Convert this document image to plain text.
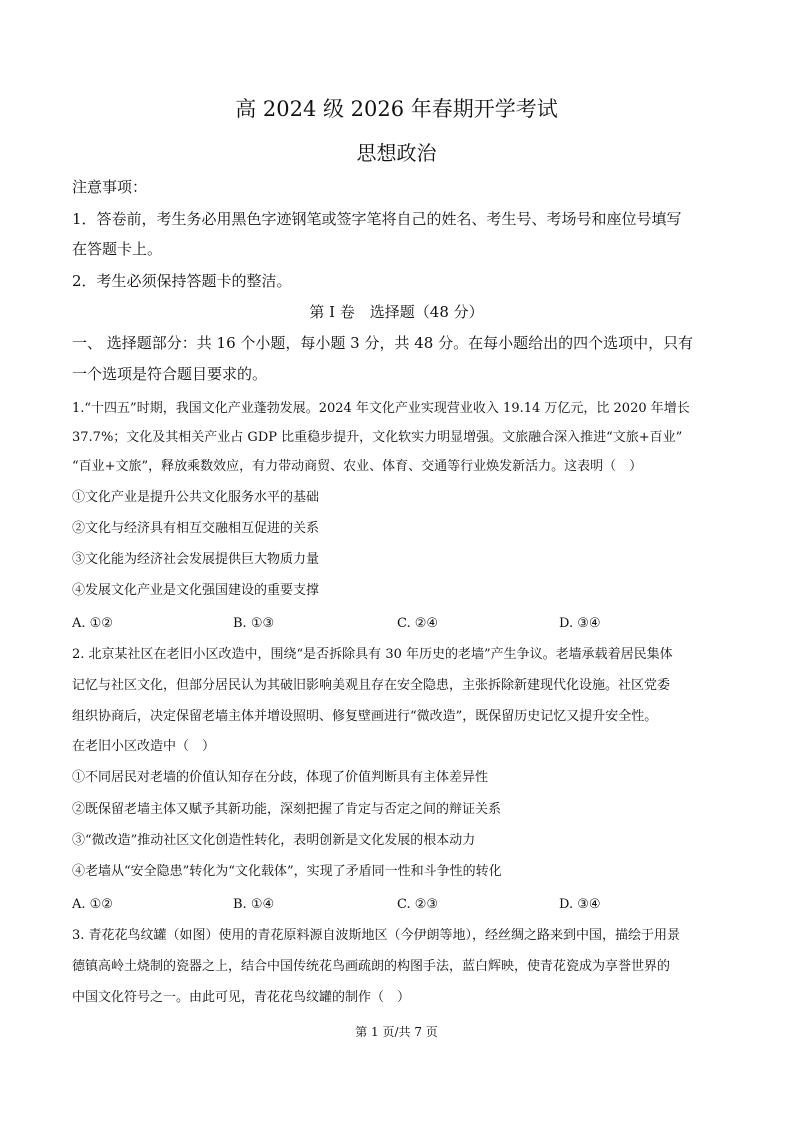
高 2024 级 2026 年春期开学考试
思想政治
注意事项：
1．答卷前，考生务必用黑色字迹钢笔或签字笔将自己的姓名、考生号、考场号和座位号填写
在答题卡上。
2．考生必须保持答题卡的整洁。
第 I 卷　选择题（48 分）
一、 选择题部分：共 16 个小题，每小题 3 分，共 48 分。在每小题给出的四个选项中，只有
一个选项是符合题目要求的。
1.“十四五”时期，我国文化产业蓬勃发展。2024 年文化产业实现营业收入 19.14 万亿元，比 2020 年增长
37.7%；文化及其相关产业占 GDP 比重稳步提升，文化软实力明显增强。文旅融合深入推进“文旅+百业”
“百业+文旅”，释放乘数效应，有力带动商贸、农业、体育、交通等行业焕发新活力。这表明（　）
①文化产业是提升公共文化服务水平的基础
②文化与经济具有相互交融相互促进的关系
③文化能为经济社会发展提供巨大物质力量
④发展文化产业是文化强国建设的重要支撑
A. ①②	B. ①③	C. ②④	D. ③④
2. 北京某社区在老旧小区改造中，围绕“是否拆除具有 30 年历史的老墙”产生争议。老墙承载着居民集体
记忆与社区文化，但部分居民认为其破旧影响美观且存在安全隐患，主张拆除新建现代化设施。社区党委
组织协商后，决定保留老墙主体并增设照明、修复壁画进行“微改造”，既保留历史记忆又提升安全性。
在老旧小区改造中（　）
①不同居民对老墙的价值认知存在分歧，体现了价值判断具有主体差异性
②既保留老墙主体又赋予其新功能，深刻把握了肯定与否定之间的辩证关系
③“微改造”推动社区文化创造性转化，表明创新是文化发展的根本动力
④老墙从“安全隐患”转化为“文化载体”，实现了矛盾同一性和斗争性的转化
A. ①②	B. ①④	C. ②③	D. ③④
3. 青花花鸟纹罐（如图）使用的青花原料源自波斯地区（今伊朗等地），经丝绸之路来到中国，描绘于用景
德镇高岭土烧制的瓷器之上，结合中国传统花鸟画疏朗的构图手法，蓝白辉映，使青花瓷成为享誉世界的
中国文化符号之一。由此可见，青花花鸟纹罐的制作（　）
第 1 页/共 7 页
